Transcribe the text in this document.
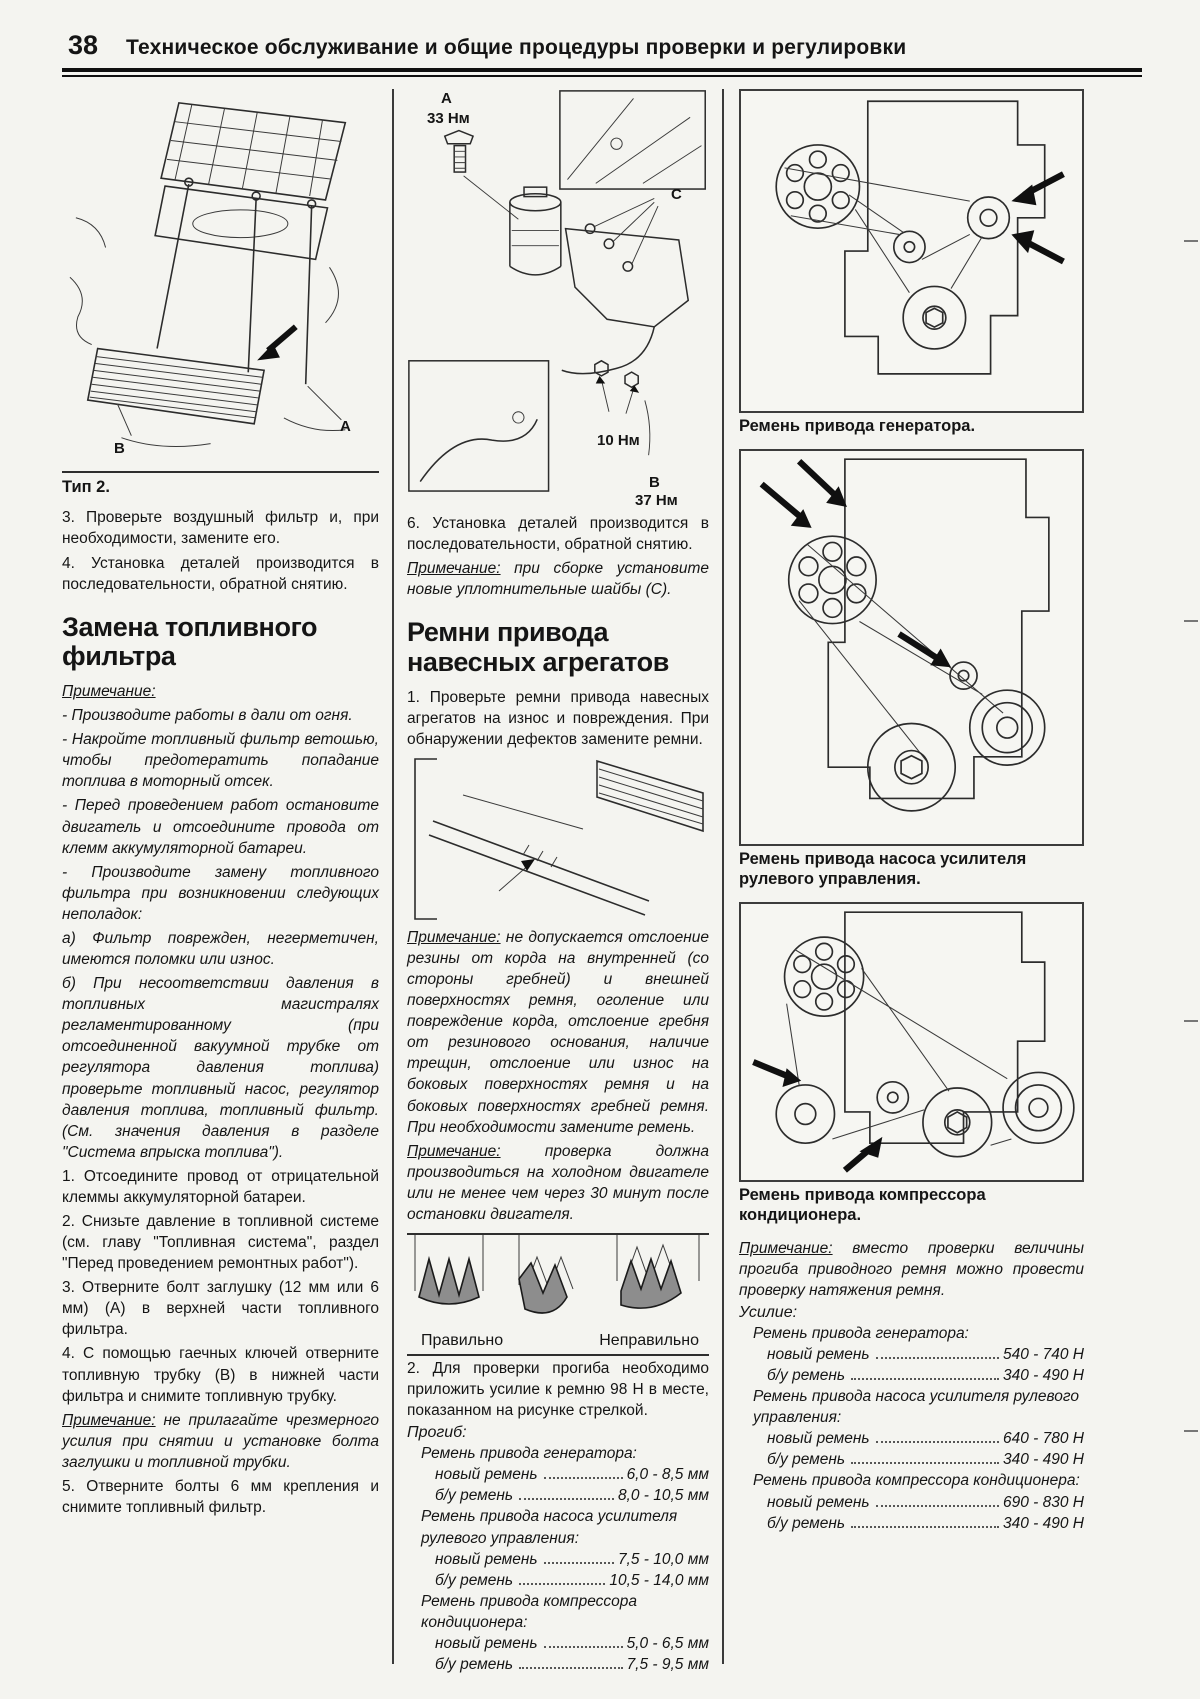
38 Техническое обслуживание и общие процедуры проверки и регулировки
B
A
Тип 2.

3. Проверьте воздушный фильтр и, при необходимости, замените его.

4. Установка деталей производится в последовательности, обратной снятию.

Замена топливного фильтра

Примечание:

- Производите работы в дали от огня.

- Накройте топливный фильтр ветошью, чтобы предотератить попадание топлива в моторный отсек.

- Перед проведением работ остановите двигатель и отсоедините провода от клемм аккумуляторной батареи.

- Производите замену топливного фильтра при возникновении следующих неполадок:

а) Фильтр поврежден, негерметичен, имеются поломки или износ.

б) При несоответствии давления в топливных магистралях регламентированному (при отсоединенной вакуумной трубке от регулятора давления топлива) проверьте топливный насос, регулятор давления топлива, топливный фильтр. (См. значения давления в разделе "Система впрыска топлива").

1. Отсоедините провод от отрицательной клеммы аккумуляторной батареи.

2. Снизьте давление в топливной системе (см. главу "Топливная система", раздел "Перед проведением ремонтных работ").

3. Отверните болт заглушку (12 мм или 6 мм) (А) в верхней части топливного фильтра.

4. С помощью гаечных ключей отверните топливную трубку (В) в нижней части фильтра и снимите топливную трубку.

Примечание: не прилагайте чрезмерного усилия при снятии и установке болта заглушки и топливной трубки.

5. Отверните болты 6 мм крепления и снимите топливный фильтр.

A
33 Нм
C
10 Нм
B
37 Нм

6. Установка деталей производится в последовательности, обратной снятию.

Примечание: при сборке установите новые уплотнительные шайбы (С).

Ремни привода навесных агрегатов

1. Проверьте ремни привода навесных агрегатов на износ и повреждения. При обнаружении дефектов замените ремни.

Примечание: не допускается отслоение резины от корда на внутренней (со стороны гребней) и внешней поверхностях ремня, оголение или повреждение корда, отслоение гребня от резинового основания, наличие трещин, отслоение или износ на боковых поверхностях ремня и на боковых поверхностях гребней ремня. При необходимости замените ремень.

Примечание:	проверка должна производиться на холодном двигателе или не менее чем через 30 минут после остановки двигателя.

Правильно	Неправильно

2. Для проверки прогиба необходимо приложить усилие к ремню 98 Н в месте, показанном на рисунке стрелкой.

Прогиб:
Ремень привода генератора:
новый ремень	6,0 - 8,5 мм
б/у ремень	8,0 - 10,5 мм
Ремень привода насоса усилителя рулевого управления:
новый ремень	7,5 - 10,0 мм
б/у ремень	10,5 - 14,0 мм
Ремень привода компрессора кондиционера:
новый ремень	5,0 - 6,5 мм
б/у ремень	7,5 - 9,5 мм
Ремень привода генератора.
Ремень привода насоса усилителя рулевого управления.
Ремень привода компрессора кондиционера.

Примечание: вместо проверки величины прогиба приводного ремня можно провести проверку натяжения ремня.

Усилие:
Ремень привода генератора:
новый ремень	540 - 740 Н
б/у ремень	340 - 490 Н
Ремень привода насоса усилителя рулевого управления:
новый ремень	640 - 780 Н
б/у ремень	340 - 490 Н
Ремень привода компрессора кондиционера:
новый ремень	690 - 830 Н
б/у ремень	340 - 490 Н
